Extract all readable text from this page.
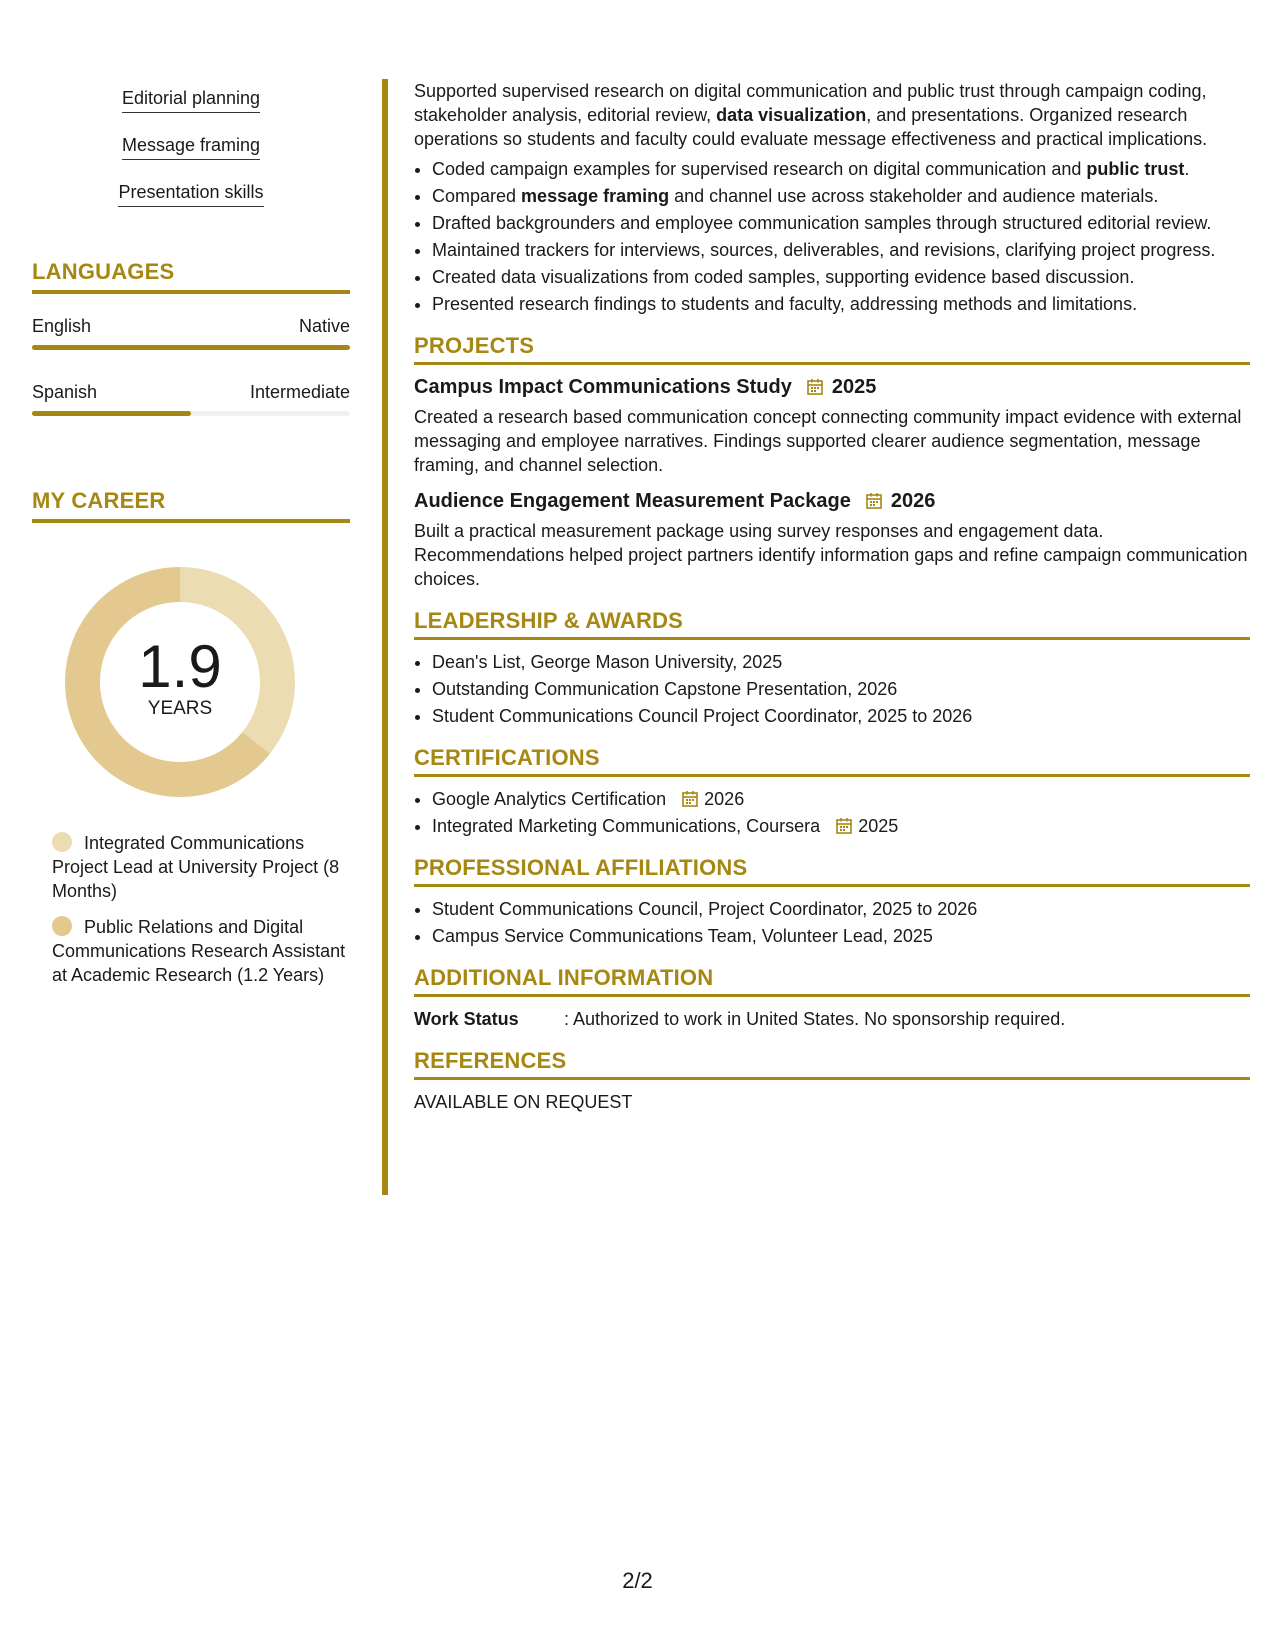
Editorial planning
Message framing
Presentation skills
LANGUAGES
English	Native
Spanish	Intermediate
MY CAREER
1.9
YEARS
Integrated Communications Project Lead at University Project (8 Months)
Public Relations and Digital Communications Research Assistant at Academic Research (1.2 Years)

Supported supervised research on digital communication and public trust through campaign coding, stakeholder analysis, editorial review, data visualization, and presentations. Organized research operations so students and faculty could evaluate message effectiveness and practical implications.

• Coded campaign examples for supervised research on digital communication and public trust.
• Compared message framing and channel use across stakeholder and audience materials.
• Drafted backgrounders and employee communication samples through structured editorial review.
• Maintained trackers for interviews, sources, deliverables, and revisions, clarifying project progress.
• Created data visualizations from coded samples, supporting evidence based discussion.
• Presented research findings to students and faculty, addressing methods and limitations.
PROJECTS
Campus Impact Communications Study 2025

Created a research based communication concept connecting community impact evidence with external messaging and employee narratives. Findings supported clearer audience segmentation, message framing, and channel selection.

Audience Engagement Measurement Package 2026

Built a practical measurement package using survey responses and engagement data. Recommendations helped project partners identify information gaps and refine campaign communication choices.

LEADERSHIP & AWARDS
• Dean's List, George Mason University, 2025
• Outstanding Communication Capstone Presentation, 2026
• Student Communications Council Project Coordinator, 2025 to 2026
CERTIFICATIONS
• Google Analytics Certification 2026
• Integrated Marketing Communications, Coursera 2025
PROFESSIONAL AFFILIATIONS
• Student Communications Council, Project Coordinator, 2025 to 2026
• Campus Service Communications Team, Volunteer Lead, 2025
ADDITIONAL INFORMATION
Work Status	: Authorized to work in United States. No sponsorship required.
REFERENCES
AVAILABLE ON REQUEST
2/2
